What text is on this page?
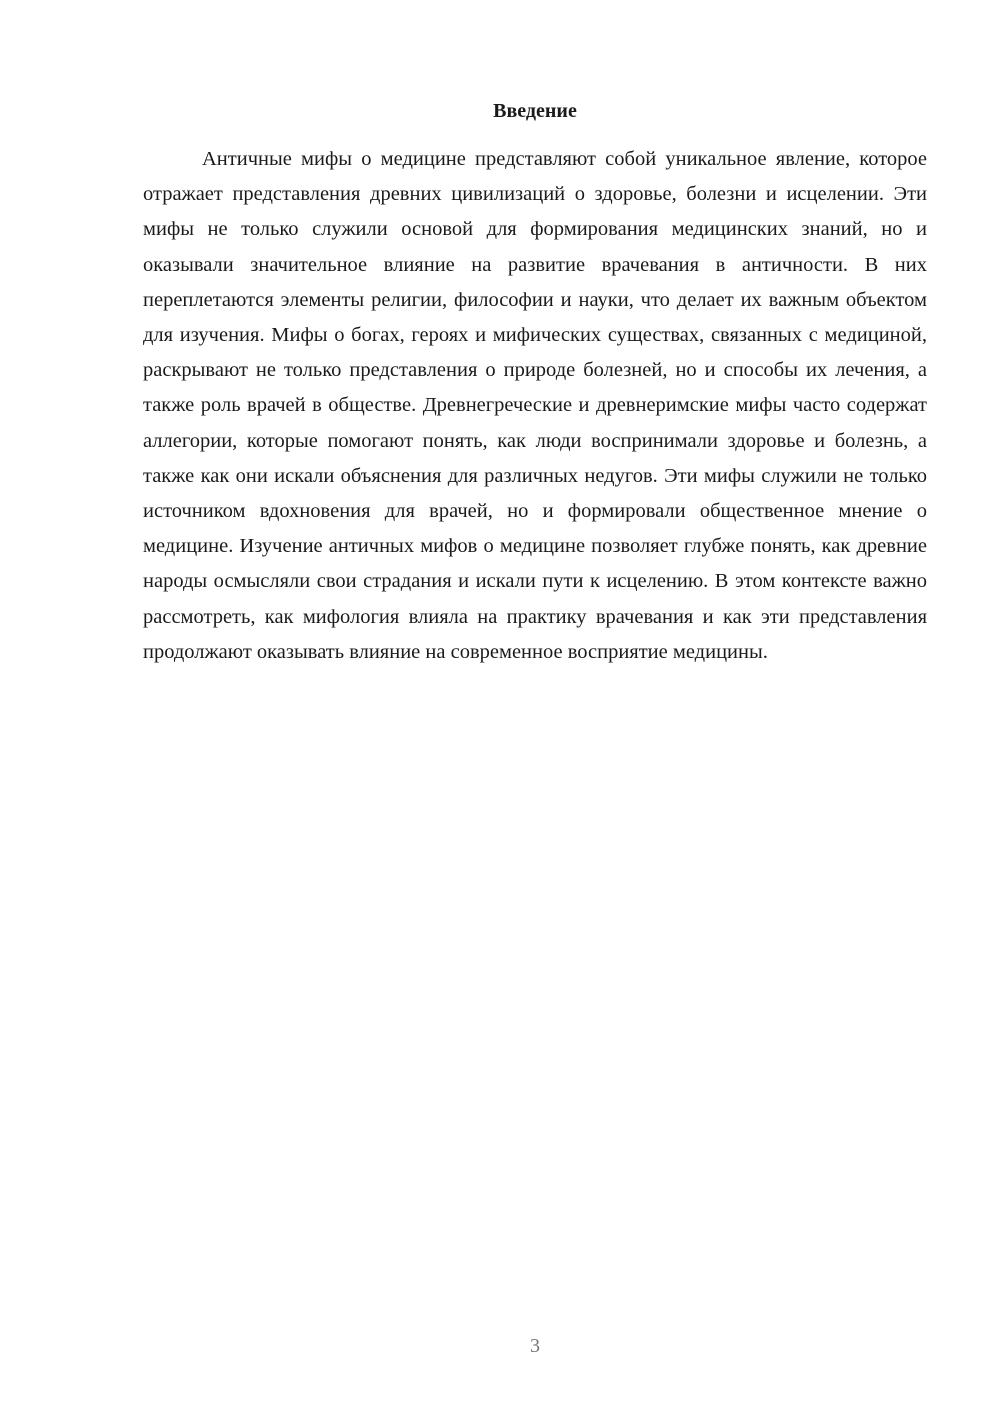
Введение

Античные мифы о медицине представляют собой уникальное явление, которое отражает представления древних цивилизаций о здоровье, болезни и исцелении. Эти мифы не только служили основой для формирования медицинских знаний, но и оказывали значительное влияние на развитие врачевания в античности. В них переплетаются элементы религии, философии и науки, что делает их важным объектом для изучения. Мифы о богах, героях и мифических существах, связанных с медициной, раскрывают не только представления о природе болезней, но и способы их лечения, а также роль врачей в обществе. Древнегреческие и древнеримские мифы часто содержат аллегории, которые помогают понять, как люди воспринимали здоровье и болезнь, а также как они искали объяснения для различных недугов. Эти мифы служили не только источником вдохновения для врачей, но и формировали общественное мнение о медицине. Изучение античных мифов о медицине позволяет глубже понять, как древние народы осмысляли свои страдания и искали пути к исцелению. В этом контексте важно рассмотреть, как мифология влияла на практику врачевания и как эти представления продолжают оказывать влияние на современное восприятие медицины.

3
